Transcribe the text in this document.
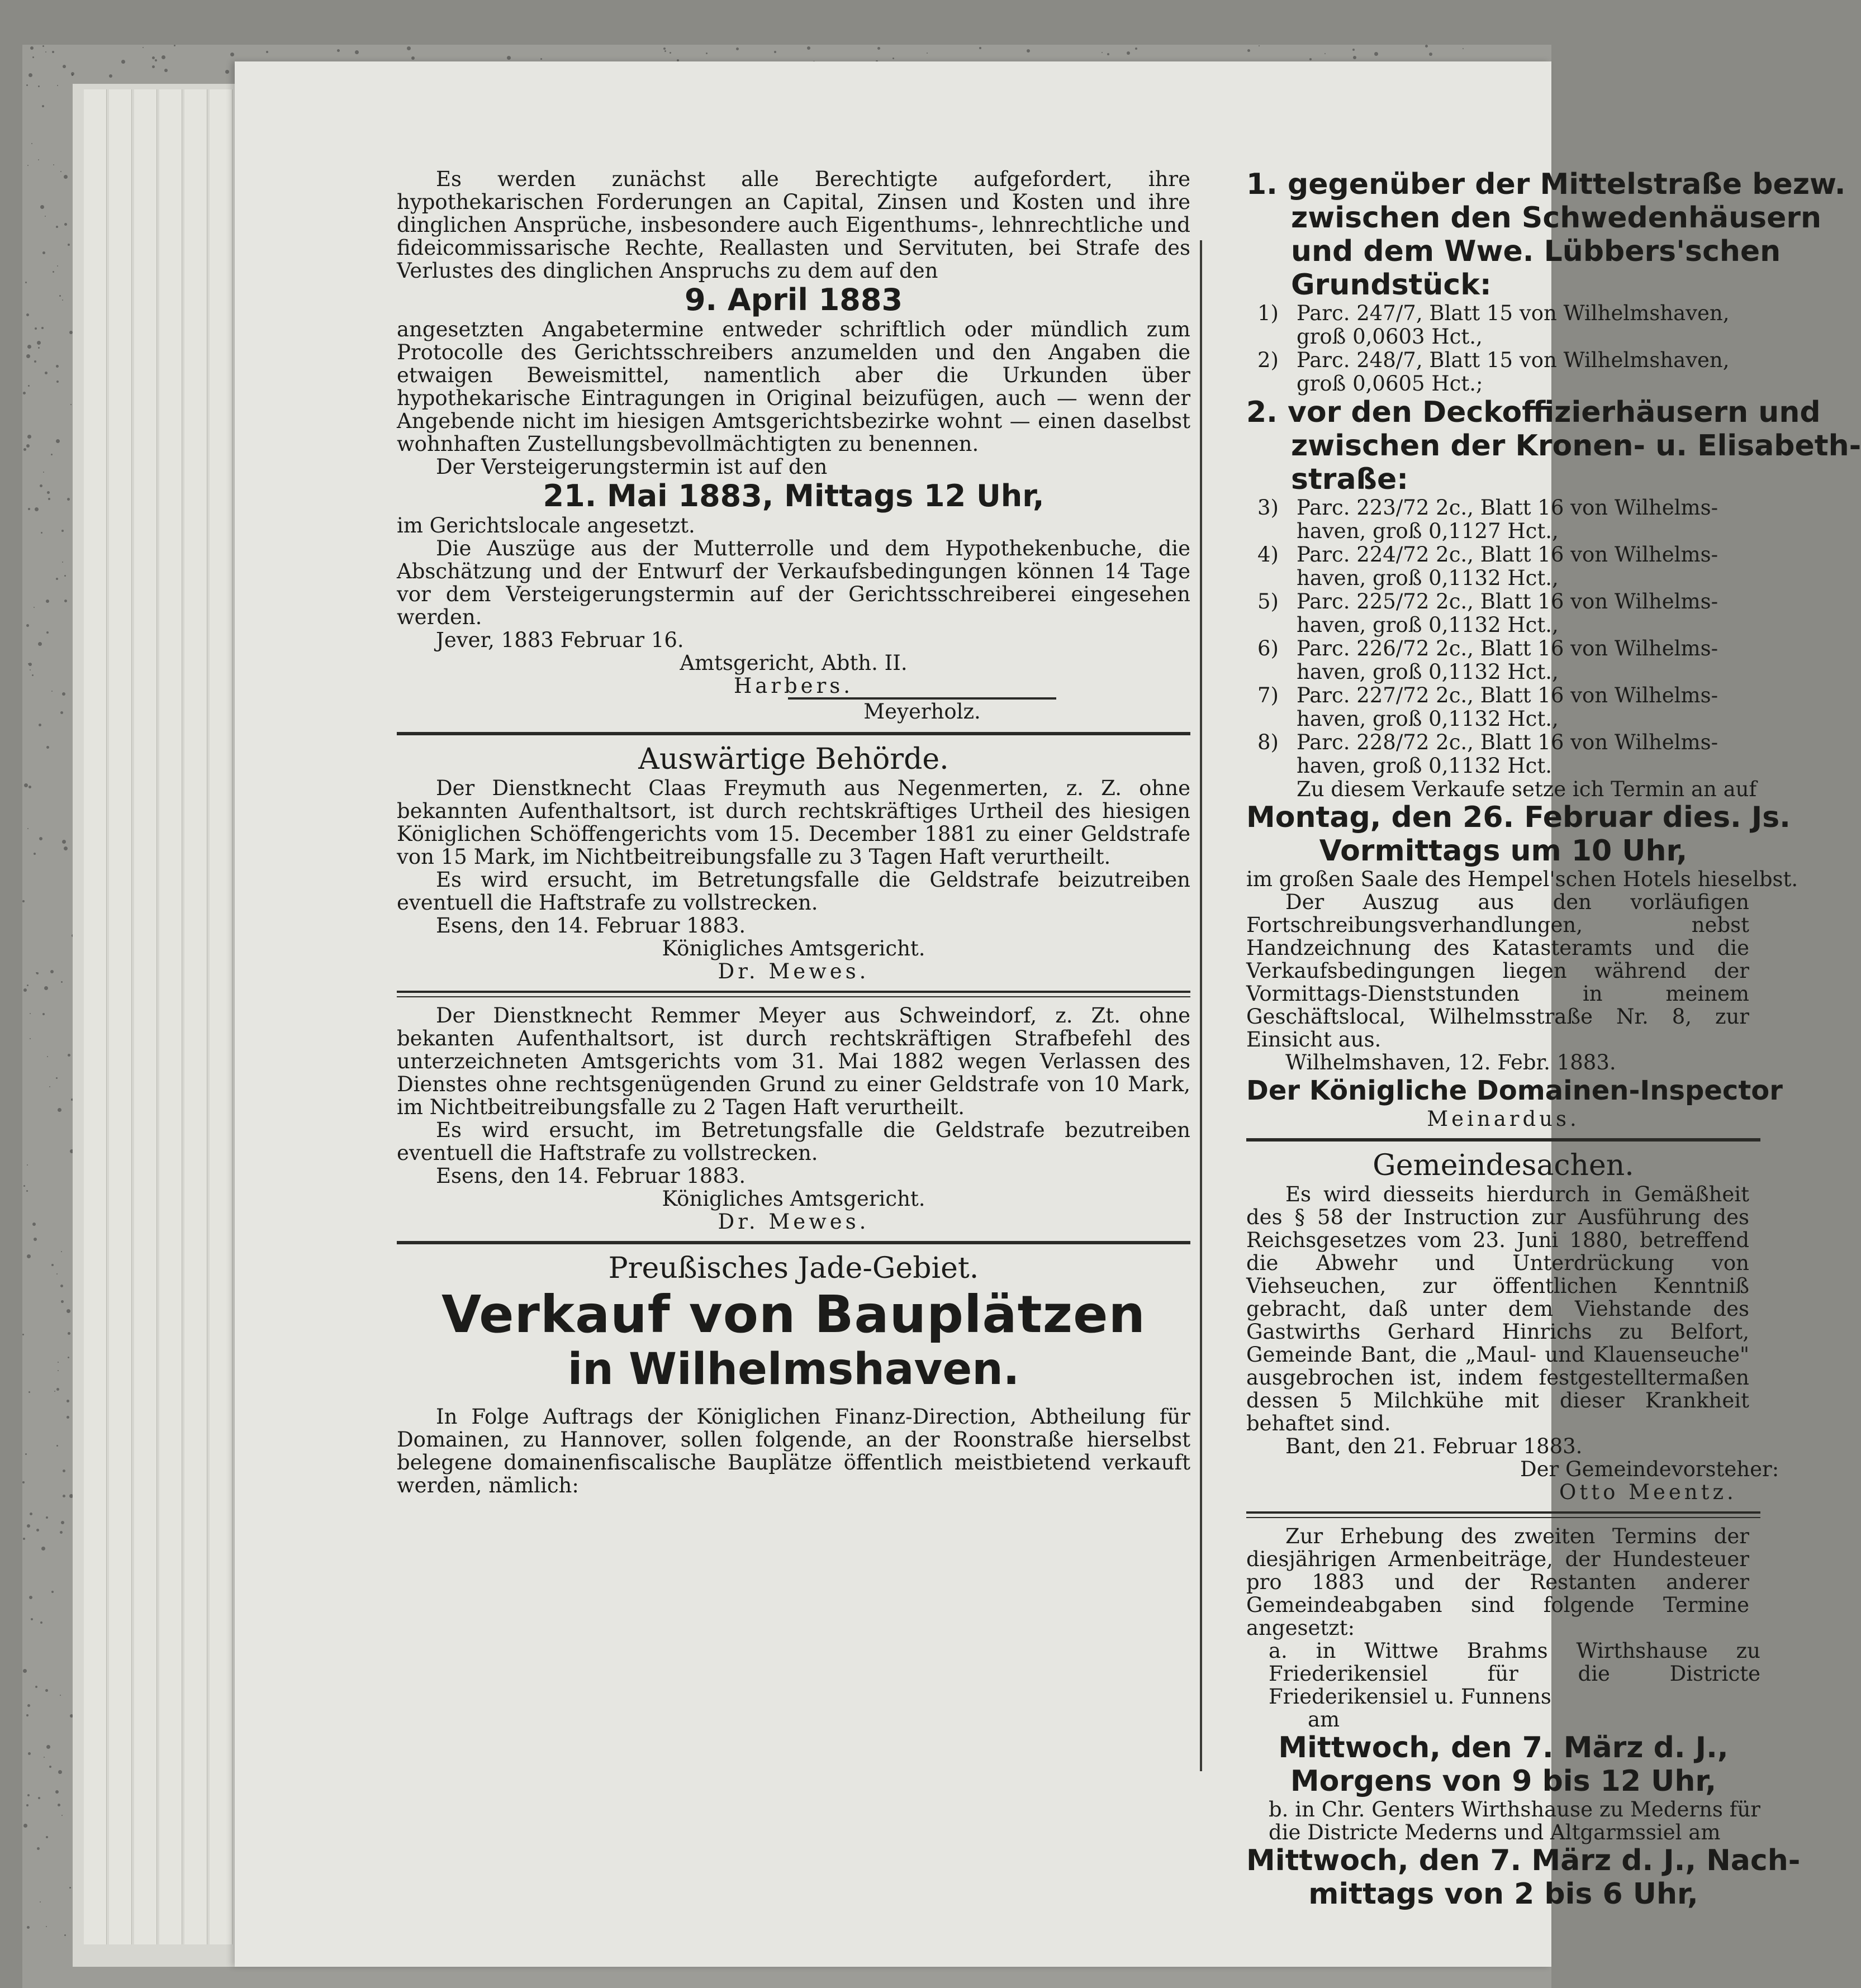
Es werden zunächst alle Berechtigte aufgefordert, ihre hypothekarischen Forderungen an Capital, Zinsen und Kosten und ihre dinglichen Ansprüche, insbesondere auch Eigenthums-, lehnrechtliche und fideicommissarische Rechte, Reallasten und Servituten, bei Strafe des Verlustes des dinglichen Anspruchs zu dem auf den

9. April 1883

angesetzten Angabetermine entweder schriftlich oder mündlich zum Protocolle des Gerichtsschreibers anzumelden und den Angaben die etwaigen Beweismittel, namentlich aber die Urkunden über hypothekarische Eintragungen in Original beizufügen, auch — wenn der Angebende nicht im hiesigen Amtsgerichtsbezirke wohnt — einen daselbst wohnhaften Zustellungsbevollmächtigten zu benennen.

Der Versteigerungstermin ist auf den

21. Mai 1883, Mittags 12 Uhr,

im Gerichtslocale angesetzt.

Die Auszüge aus der Mutterrolle und dem Hypothekenbuche, die Abschätzung und der Entwurf der Verkaufsbedingungen können 14 Tage vor dem Versteigerungstermin auf der Gerichtsschreiberei eingesehen werden.

Jever, 1883 Februar 16.

Amtsgericht, Abth. II.

Harbers.

Meyerholz.

Auswärtige Behörde.

Der Dienstknecht Claas Freymuth aus Negenmerten, z. Z. ohne bekannten Aufenthaltsort, ist durch rechtskräftiges Urtheil des hiesigen Königlichen Schöffengerichts vom 15. December 1881 zu einer Geldstrafe von 15 Mark, im Nichtbeitreibungsfalle zu 3 Tagen Haft verurtheilt.

Es wird ersucht, im Betretungsfalle die Geldstrafe beizutreiben eventuell die Haftstrafe zu vollstrecken.

Esens, den 14. Februar 1883.

Königliches Amtsgericht.

Dr. Mewes.

Der Dienstknecht Remmer Meyer aus Schweindorf, z. Zt. ohne bekanten Aufenthaltsort, ist durch rechtskräftigen Strafbefehl des unterzeichneten Amtsgerichts vom 31. Mai 1882 wegen Verlassen des Dienstes ohne rechtsgenügenden Grund zu einer Geldstrafe von 10 Mark, im Nichtbeitreibungsfalle zu 2 Tagen Haft verurtheilt.

Es wird ersucht, im Betretungsfalle die Geldstrafe bezutreiben eventuell die Haftstrafe zu vollstrecken.

Esens, den 14. Februar 1883.

Königliches Amtsgericht.

Dr. Mewes.

Preußisches Jade-Gebiet.

Verkauf von Bauplätzen

in Wilhelmshaven.

In Folge Auftrags der Königlichen Finanz-Direction, Abtheilung für Domainen, zu Hannover, sollen folgende, an der Roonstraße hierselbst belegene domainenfiscalische Bauplätze öffentlich meistbietend verkauft werden, nämlich:

1. gegenüber der Mittelstraße bezw.

zwischen den Schwedenhäusern

und dem Wwe. Lübbers'schen

Grundstück:

1) Parc. 247/7, Blatt 15 von Wilhelmshaven,

groß 0,0603 Hct.,

2) Parc. 248/7, Blatt 15 von Wilhelmshaven,

groß 0,0605 Hct.;

2. vor den Deckoffizierhäusern und

zwischen der Kronen- u. Elisabeth-

straße:

3) Parc. 223/72 2c., Blatt 16 von Wilhelms-

haven, groß 0,1127 Hct.,

4) Parc. 224/72 2c., Blatt 16 von Wilhelms-

haven, groß 0,1132 Hct.,

5) Parc. 225/72 2c., Blatt 16 von Wilhelms-

haven, groß 0,1132 Hct.,

6) Parc. 226/72 2c., Blatt 16 von Wilhelms-

haven, groß 0,1132 Hct.,

7) Parc. 227/72 2c., Blatt 16 von Wilhelms-

haven, groß 0,1132 Hct.,

8) Parc. 228/72 2c., Blatt 16 von Wilhelms-

haven, groß 0,1132 Hct.

Zu diesem Verkaufe setze ich Termin an auf

Montag, den 26. Februar dies. Js.

Vormittags um 10 Uhr,

im großen Saale des Hempel'schen Hotels hieselbst.

Der Auszug aus den vorläufigen Fortschreibungsverhandlungen, nebst Handzeichnung des Katasteramts und die Verkaufsbedingungen liegen während der Vormittags-Dienststunden in meinem Geschäftslocal, Wilhelmsstraße Nr. 8, zur Einsicht aus.

Wilhelmshaven, 12. Febr. 1883.

Der Königliche Domainen-Inspector

Meinardus.

Gemeindesachen.

Es wird diesseits hierdurch in Gemäßheit des § 58 der Instruction zur Ausführung des Reichsgesetzes vom 23. Juni 1880, betreffend die Abwehr und Unterdrückung von Viehseuchen, zur öffentlichen Kenntniß gebracht, daß unter dem Viehstande des Gastwirths Gerhard Hinrichs zu Belfort, Gemeinde Bant, die „Maul- und Klauenseuche" ausgebrochen ist, indem festgestelltermaßen dessen 5 Milchkühe mit dieser Krankheit behaftet sind.

Bant, den 21. Februar 1883.

Der Gemeindevorsteher:

Otto Meentz.

Zur Erhebung des zweiten Termins der diesjährigen Armenbeiträge, der Hundesteuer pro 1883 und der Restanten anderer Gemeindeabgaben sind folgende Termine angesetzt:

a. in Wittwe Brahms Wirthshause zu Friederikensiel für die Districte Friederikensiel u. Funnens

am

Mittwoch, den 7. März d. J.,

Morgens von 9 bis 12 Uhr,

b. in Chr. Genters Wirthshause zu Mederns für die Districte Mederns und Altgarmssiel am

Mittwoch, den 7. März d. J., Nach-

mittags von 2 bis 6 Uhr,
